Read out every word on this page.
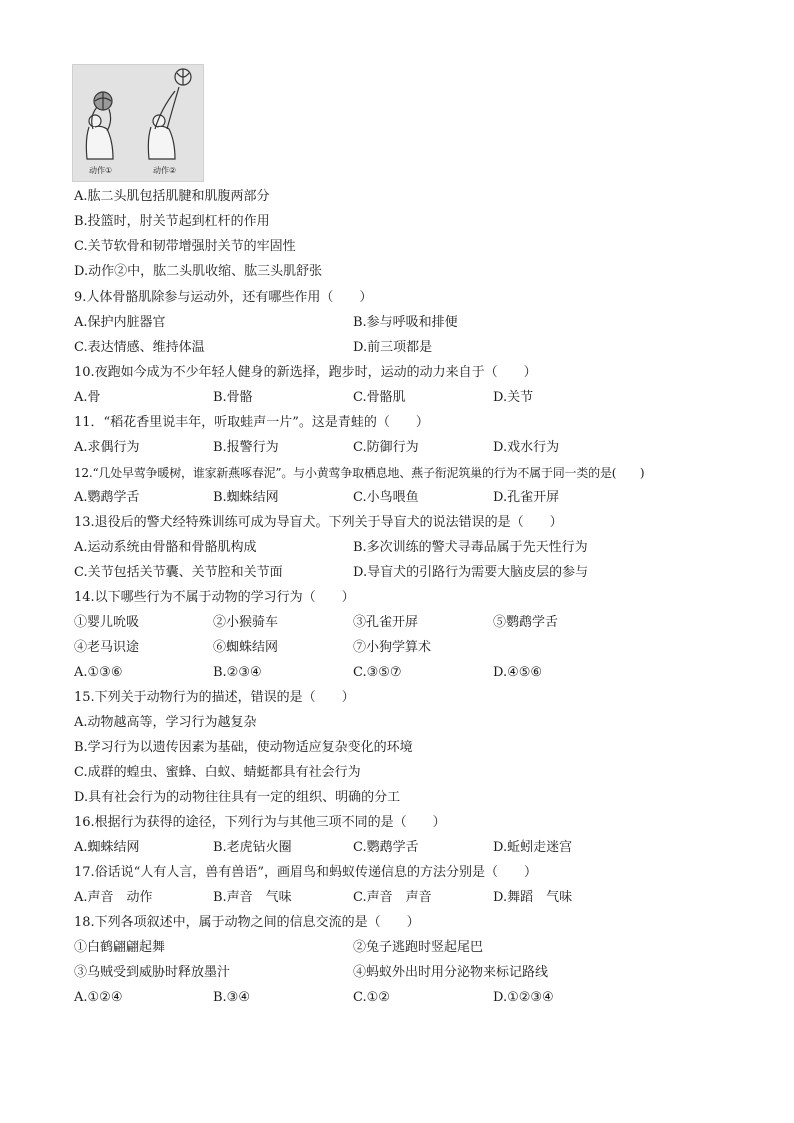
动作①	动作②
A.肱二头肌包括肌腱和肌腹两部分
B.投篮时，肘关节起到杠杆的作用
C.关节软骨和韧带增强肘关节的牢固性
D.动作②中，肱二头肌收缩、肱三头肌舒张
9.人体骨骼肌除参与运动外，还有哪些作用（　　）
A.保护内脏器官	B.参与呼吸和排便
C.表达情感、维持体温	D.前三项都是
10.夜跑如今成为不少年轻人健身的新选择，跑步时，运动的动力来自于（　　）
A.骨	B.骨骼	C.骨骼肌	D.关节
11．“稻花香里说丰年，听取蛙声一片”。这是青蛙的（　　）
A.求偶行为	B.报警行为	C.防御行为	D.戏水行为
12.“几处早莺争暖树，谁家新燕啄春泥”。与小黄莺争取栖息地、燕子衔泥筑巢的行为不属于同一类的是(　　)
A.鹦鹉学舌	B.蜘蛛结网	C.小鸟喂鱼	D.孔雀开屏
13.退役后的警犬经特殊训练可成为导盲犬。下列关于导盲犬的说法错误的是（　　）
A.运动系统由骨骼和骨骼肌构成	B.多次训练的警犬寻毒品属于先天性行为
C.关节包括关节囊、关节腔和关节面	D.导盲犬的引路行为需要大脑皮层的参与
14.以下哪些行为不属于动物的学习行为（　　）
①婴儿吮吸	②小猴骑车	③孔雀开屏	⑤鹦鹉学舌
④老马识途	⑥蜘蛛结网	⑦小狗学算术
A.①③⑥	B.②③④	C.③⑤⑦	D.④⑤⑥
15.下列关于动物行为的描述，错误的是（　　）
A.动物越高等，学习行为越复杂
B.学习行为以遗传因素为基础，使动物适应复杂变化的环境
C.成群的蝗虫、蜜蜂、白蚁、蜻蜓都具有社会行为
D.具有社会行为的动物往往具有一定的组织、明确的分工
16.根据行为获得的途径，下列行为与其他三项不同的是（　　）
A.蜘蛛结网	B.老虎钻火圈	C.鹦鹉学舌	D.蚯蚓走迷宫
17.俗话说“人有人言，兽有兽语”，画眉鸟和蚂蚁传递信息的方法分别是（　　）
A.声音　动作	B.声音　气味	C.声音　声音	D.舞蹈　气味
18.下列各项叙述中，属于动物之间的信息交流的是（　　）
①白鹤翩翩起舞	②兔子逃跑时竖起尾巴
③乌贼受到威胁时释放墨汁	④蚂蚁外出时用分泌物来标记路线
A.①②④	B.③④	C.①②	D.①②③④
